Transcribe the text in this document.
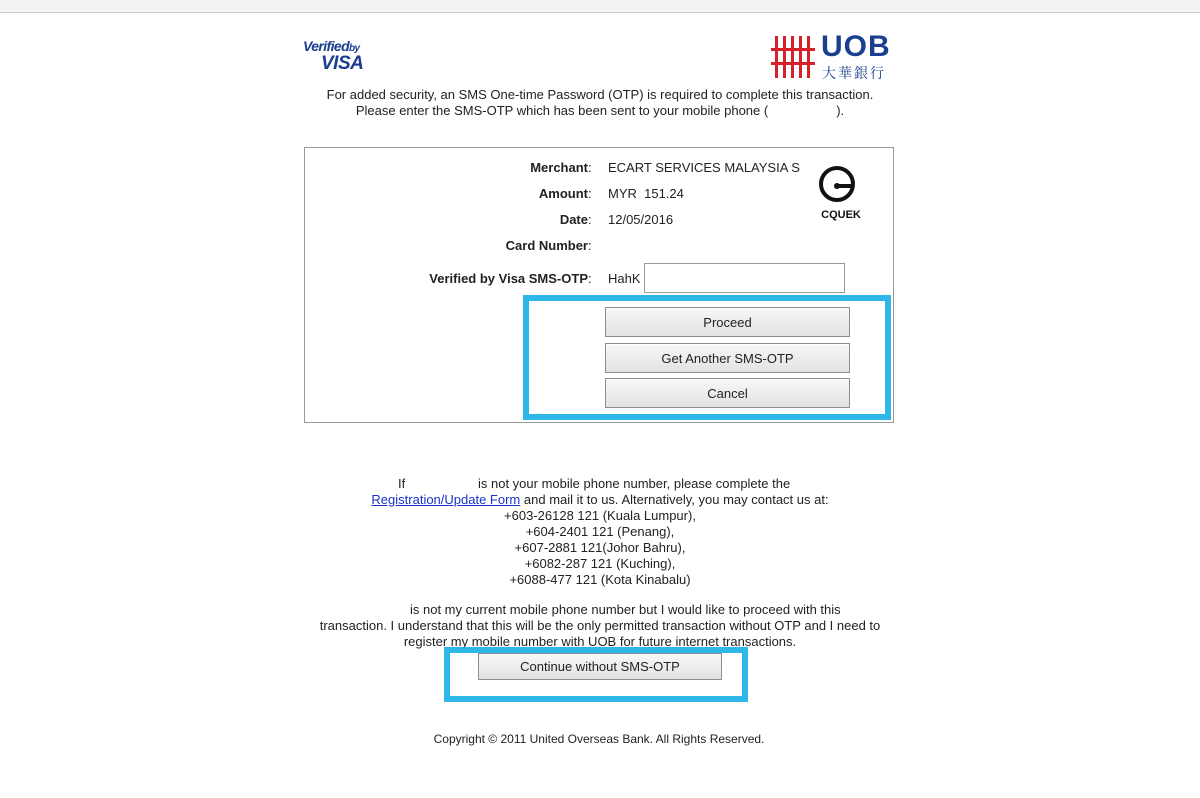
Verifiedby
VISA
UOB
大華銀行
For added security, an SMS One-time Password (OTP) is required to complete this transaction.
Please enter the SMS-OTP which has been sent to your mobile phone (	).
Merchant : ECART SERVICES MALAYSIA S
Amount : MYR  151.24
Date : 12/05/2016
Card Number :
Verified by Visa SMS-OTP : HahK
CQUEK
Proceed
Get Another SMS-OTP
Cancel
If	is not your mobile phone number, please complete the
Registration/Update Form and mail it to us. Alternatively, you may contact us at:
+603-26128 121 (Kuala Lumpur),
+604-2401 121 (Penang),
+607-2881 121(Johor Bahru),
+6082-287 121 (Kuching),
+6088-477 121 (Kota Kinabalu)
is not my current mobile phone number but I would like to proceed with this
transaction. I understand that this will be the only permitted transaction without OTP and I need to
register my mobile number with UOB for future internet transactions.
Continue without SMS-OTP
Copyright © 2011 United Overseas Bank. All Rights Reserved.
